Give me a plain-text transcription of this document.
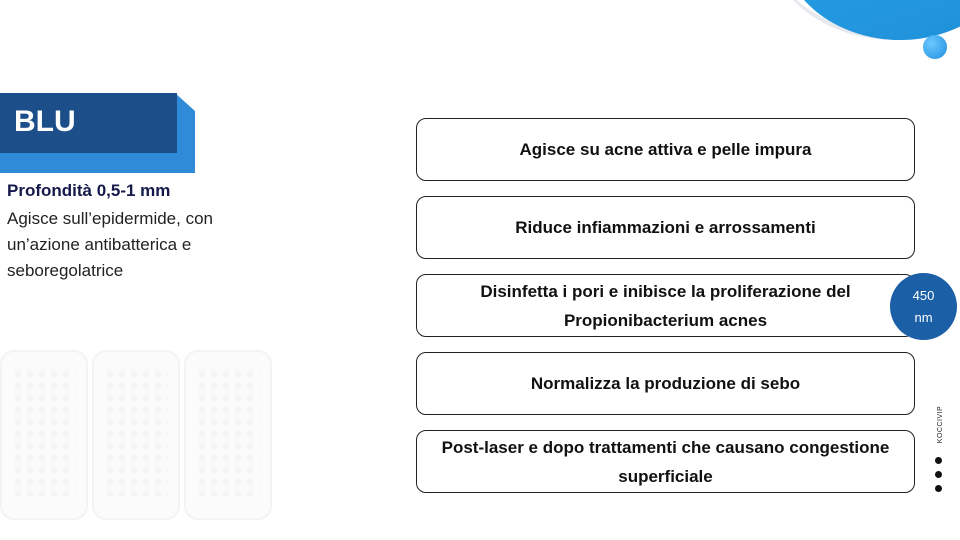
BLU
Profondità 0,5-1 mm
Agisce sull’epidermide, con un’azione antibatterica e seboregolatrice
Agisce su acne attiva e pelle impura
Riduce infiammazioni e arrossamenti
Disinfetta i pori e inibisce la proliferazione del Propionibacterium acnes
Normalizza la produzione di sebo
Post-laser e dopo trattamenti che causano congestione superficiale
450
nm
KOCCIVIP
